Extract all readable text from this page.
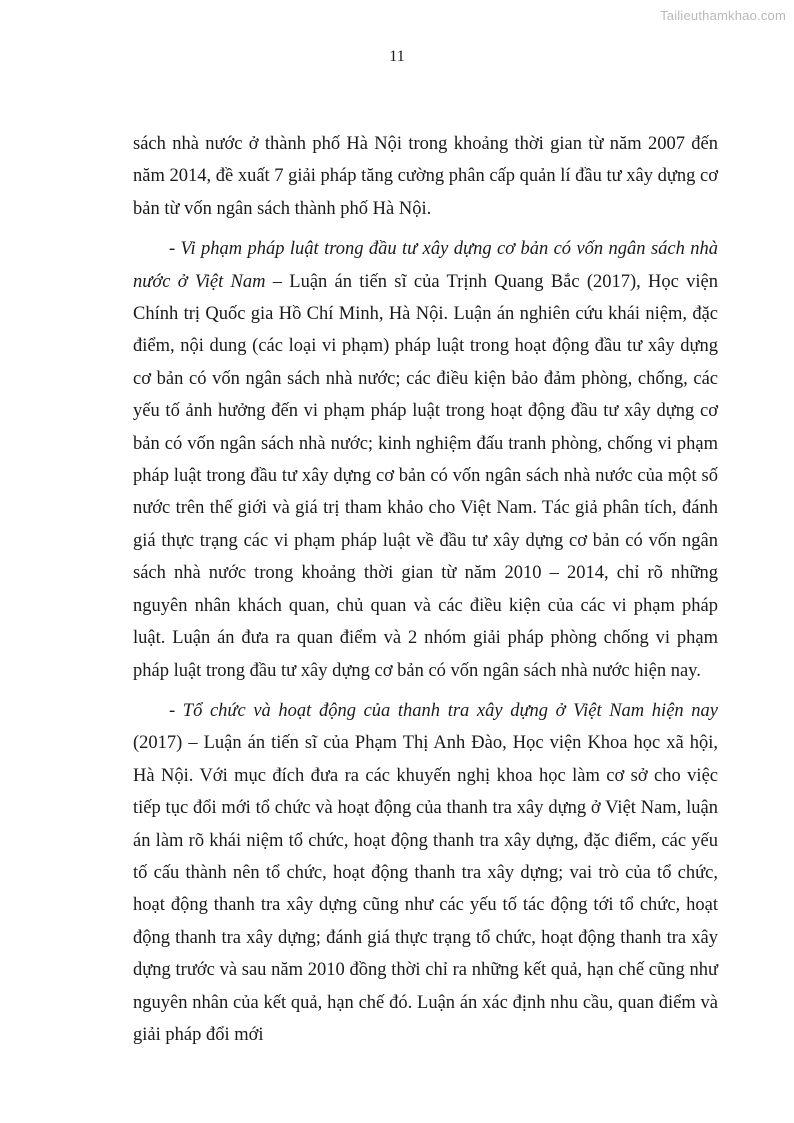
Tailieuthamkhao.com
11

sách nhà nước ở thành phố Hà Nội trong khoảng thời gian từ năm 2007 đến năm 2014, đề xuất 7 giải pháp tăng cường phân cấp quản lí đầu tư xây dựng cơ bản từ vốn ngân sách thành phố Hà Nội.

- Vi phạm pháp luật trong đầu tư xây dựng cơ bản có vốn ngân sách nhà nước ở Việt Nam – Luận án tiến sĩ của Trịnh Quang Bắc (2017), Học viện Chính trị Quốc gia Hồ Chí Minh, Hà Nội. Luận án nghiên cứu khái niệm, đặc điểm, nội dung (các loại vi phạm) pháp luật trong hoạt động đầu tư xây dựng cơ bản có vốn ngân sách nhà nước; các điều kiện bảo đảm phòng, chống, các yếu tố ảnh hưởng đến vi phạm pháp luật trong hoạt động đầu tư xây dựng cơ bản có vốn ngân sách nhà nước; kinh nghiệm đấu tranh phòng, chống vi phạm pháp luật trong đầu tư xây dựng cơ bản có vốn ngân sách nhà nước của một số nước trên thế giới và giá trị tham khảo cho Việt Nam. Tác giả phân tích, đánh giá thực trạng các vi phạm pháp luật về đầu tư xây dựng cơ bản có vốn ngân sách nhà nước trong khoảng thời gian từ năm 2010 – 2014, chỉ rõ những nguyên nhân khách quan, chủ quan và các điều kiện của các vi phạm pháp luật. Luận án đưa ra quan điểm và 2 nhóm giải pháp phòng chống vi phạm pháp luật trong đầu tư xây dựng cơ bản có vốn ngân sách nhà nước hiện nay.

- Tổ chức và hoạt động của thanh tra xây dựng ở Việt Nam hiện nay (2017) – Luận án tiến sĩ của Phạm Thị Anh Đào, Học viện Khoa học xã hội, Hà Nội. Với mục đích đưa ra các khuyến nghị khoa học làm cơ sở cho việc tiếp tục đổi mới tổ chức và hoạt động của thanh tra xây dựng ở Việt Nam, luận án làm rõ khái niệm tổ chức, hoạt động thanh tra xây dựng, đặc điểm, các yếu tố cấu thành nên tổ chức, hoạt động thanh tra xây dựng; vai trò của tổ chức, hoạt động thanh tra xây dựng cũng như các yếu tố tác động tới tổ chức, hoạt động thanh tra xây dựng; đánh giá thực trạng tổ chức, hoạt động thanh tra xây dựng trước và sau năm 2010 đồng thời chỉ ra những kết quả, hạn chế cũng như nguyên nhân của kết quả, hạn chế đó. Luận án xác định nhu cầu, quan điểm và giải pháp đổi mới
